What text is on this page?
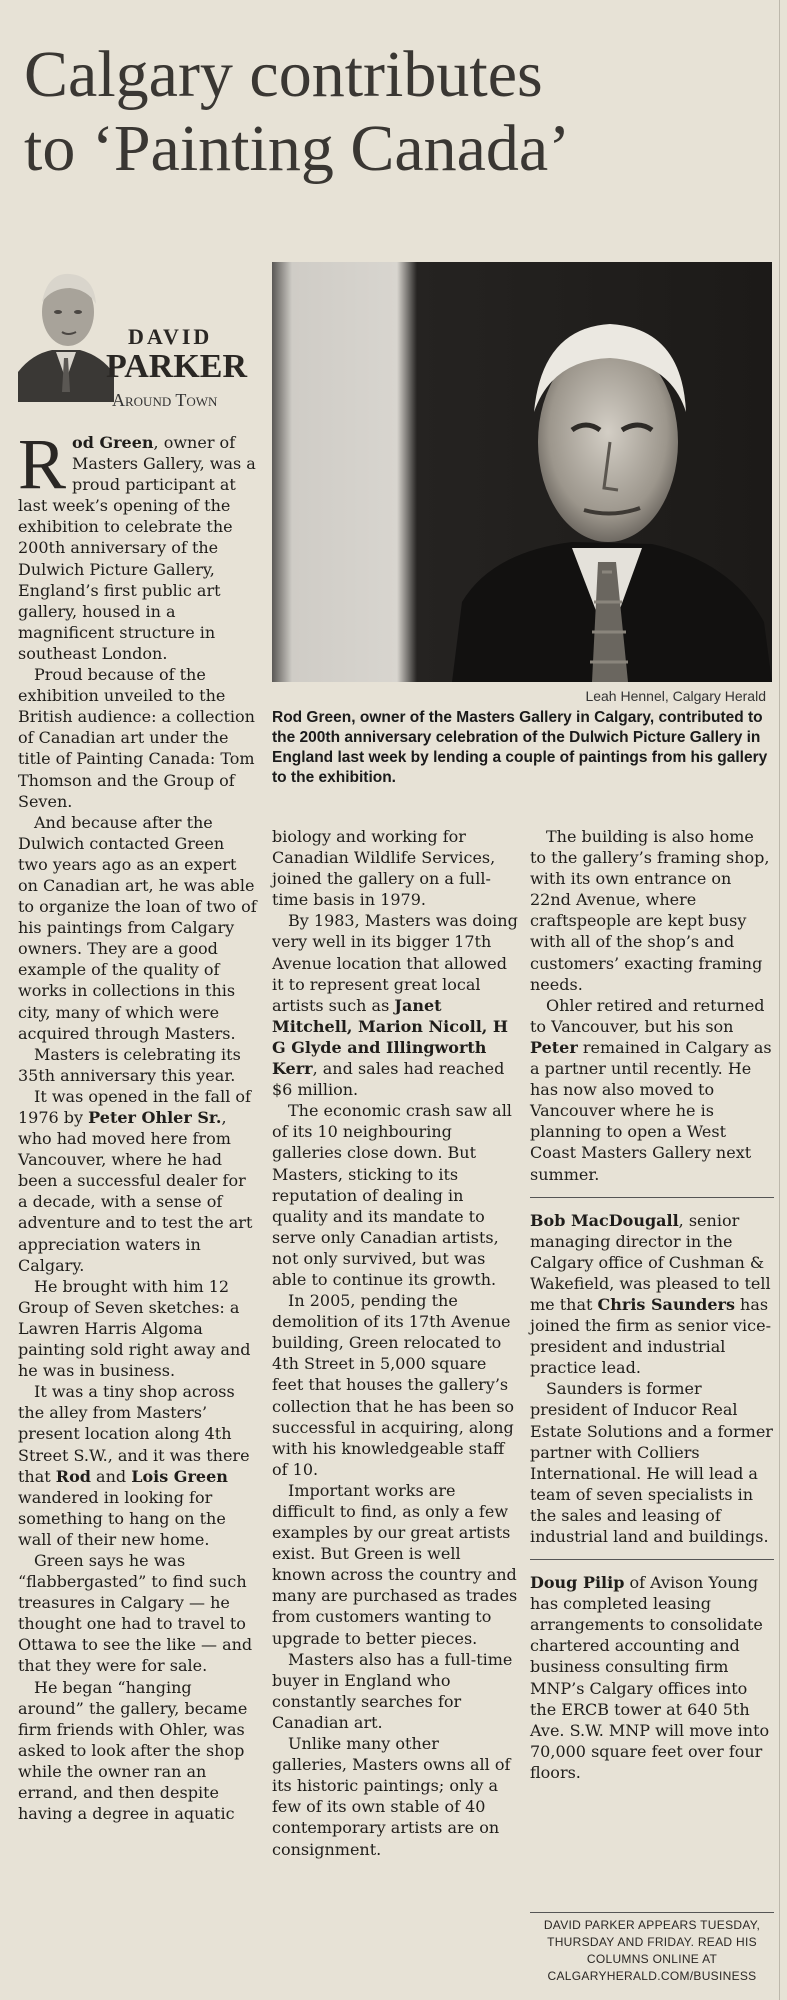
Calgary contributes
to ‘Painting Canada’
DAVID
PARKER
Around Town
Leah Hennel, Calgary Herald

Rod Green, owner of the Masters Gallery in Calgary, contributed to the 200th anniversary celebration of the Dulwich Picture Gallery in England last week by lending a couple of paintings from his gallery to the exhibition.

Rod Green, owner of Masters Gallery, was a proud participant at last week’s opening of the exhibition to celebrate the 200th anniversary of the Dulwich Picture Gallery, England’s first public art gallery, housed in a magnificent structure in southeast London.

Proud because of the exhibition unveiled to the British audience: a collection of Canadian art under the title of Painting Canada: Tom Thomson and the Group of Seven.

And because after the Dulwich contacted Green two years ago as an expert on Canadian art, he was able to organize the loan of two of his paintings from Calgary owners. They are a good example of the quality of works in collections in this city, many of which were acquired through Masters.

Masters is celebrating its 35th anniversary this year.

It was opened in the fall of 1976 by Peter Ohler Sr., who had moved here from Vancouver, where he had been a successful dealer for a decade, with a sense of adventure and to test the art appreciation waters in Calgary.

He brought with him 12 Group of Seven sketches: a Lawren Harris Algoma painting sold right away and he was in business.

It was a tiny shop across the alley from Masters’ present location along 4th Street S.W., and it was there that Rod and Lois Green wandered in looking for something to hang on the wall of their new home.

Green says he was “flabbergasted” to find such treasures in Calgary — he thought one had to travel to Ottawa to see the like — and that they were for sale.

He began “hanging around” the gallery, became firm friends with Ohler, was asked to look after the shop while the owner ran an errand, and then despite having a degree in aquatic

biology and working for Canadian Wildlife Services, joined the gallery on a full-time basis in 1979.

By 1983, Masters was doing very well in its bigger 17th Avenue location that allowed it to represent great local artists such as Janet Mitchell, Marion Nicoll, H G Glyde and Illingworth Kerr, and sales had reached $6 million.

The economic crash saw all of its 10 neighbouring galleries close down. But Masters, sticking to its reputation of dealing in quality and its mandate to serve only Canadian artists, not only survived, but was able to continue its growth.

In 2005, pending the demolition of its 17th Avenue building, Green relocated to 4th Street in 5,000 square feet that houses the gallery’s collection that he has been so successful in acquiring, along with his knowledgeable staff of 10.

Important works are difficult to find, as only a few examples by our great artists exist. But Green is well known across the country and many are purchased as trades from customers wanting to upgrade to better pieces.

Masters also has a full-time buyer in England who constantly searches for Canadian art.

Unlike many other galleries, Masters owns all of its historic paintings; only a few of its own stable of 40 contemporary artists are on consignment.

The building is also home to the gallery’s framing shop, with its own entrance on 22nd Avenue, where craftspeople are kept busy with all of the shop’s and customers’ exacting framing needs.

Ohler retired and returned to Vancouver, but his son Peter remained in Calgary as a partner until recently. He has now also moved to Vancouver where he is planning to open a West Coast Masters Gallery next summer.

Bob MacDougall, senior managing director in the Calgary office of Cushman & Wakefield, was pleased to tell me that Chris Saunders has joined the firm as senior vice-president and industrial practice lead.

Saunders is former president of Inducor Real Estate Solutions and a former partner with Colliers International. He will lead a team of seven specialists in the sales and leasing of industrial land and buildings.

Doug Pilip of Avison Young has completed leasing arrangements to consolidate chartered accounting and business consulting firm MNP’s Calgary offices into the ERCB tower at 640 5th Ave. S.W. MNP will move into 70,000 square feet over four floors.

DAVID PARKER APPEARS TUESDAY, THURSDAY AND FRIDAY. READ HIS COLUMNS ONLINE AT CALGARYHERALD.COM/BUSINESS
